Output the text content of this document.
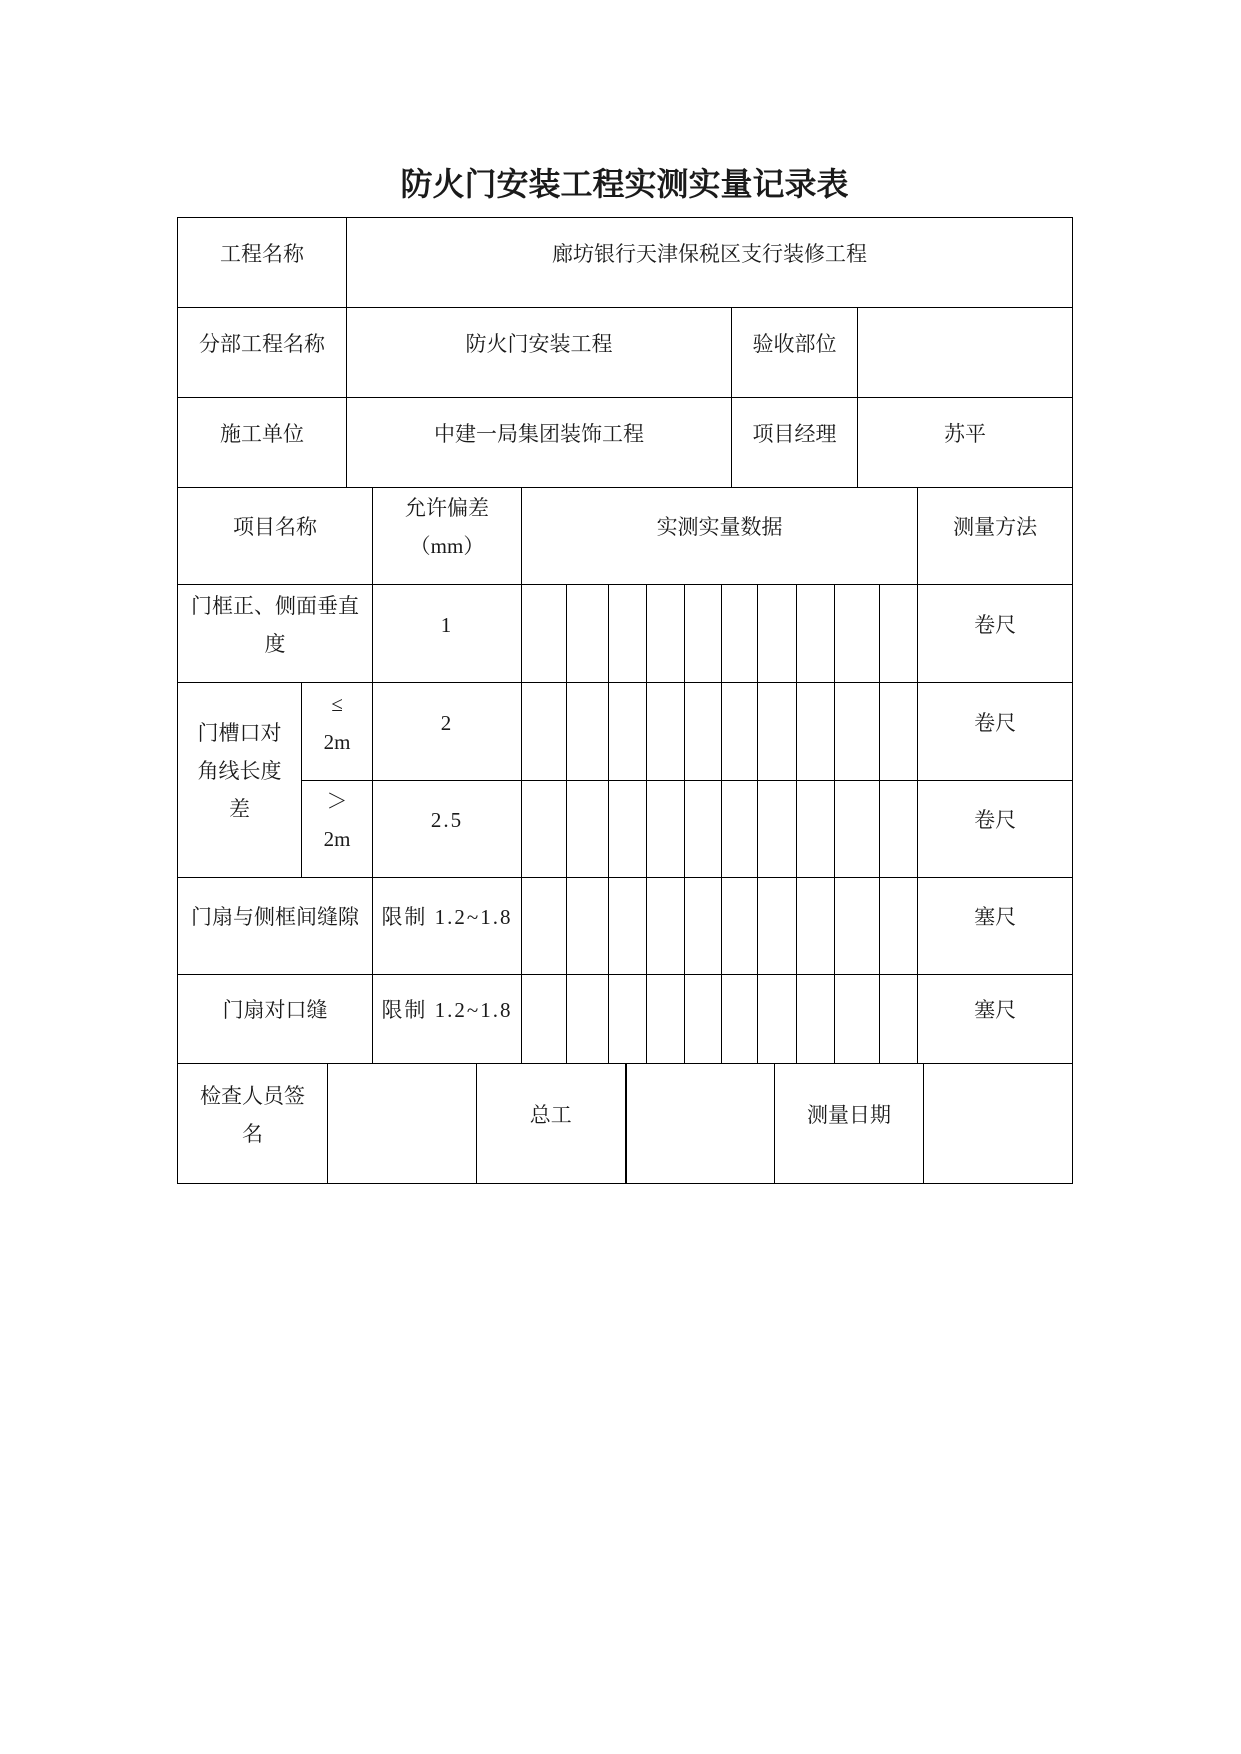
防火门安装工程实测实量记录表
工程名称	廊坊银行天津保税区支行装修工程		
分部工程名称	防火门安装工程	验收部位	
施工单位	中建一局集团装饰工程	项目经理	苏平
项目名称		允许偏差（mm）	实测实量数据										测量方法
门框正、侧面垂直度		1											卷尺
门槽口对角线长度差	≤ 2m	2											卷尺
	＞ 2m	2.5											卷尺
门扇与侧框间缝隙		限制 1.2~1.8											塞尺
门扇对口缝		限制 1.2~1.8											塞尺
检查人员签名		总工		测量日期	
